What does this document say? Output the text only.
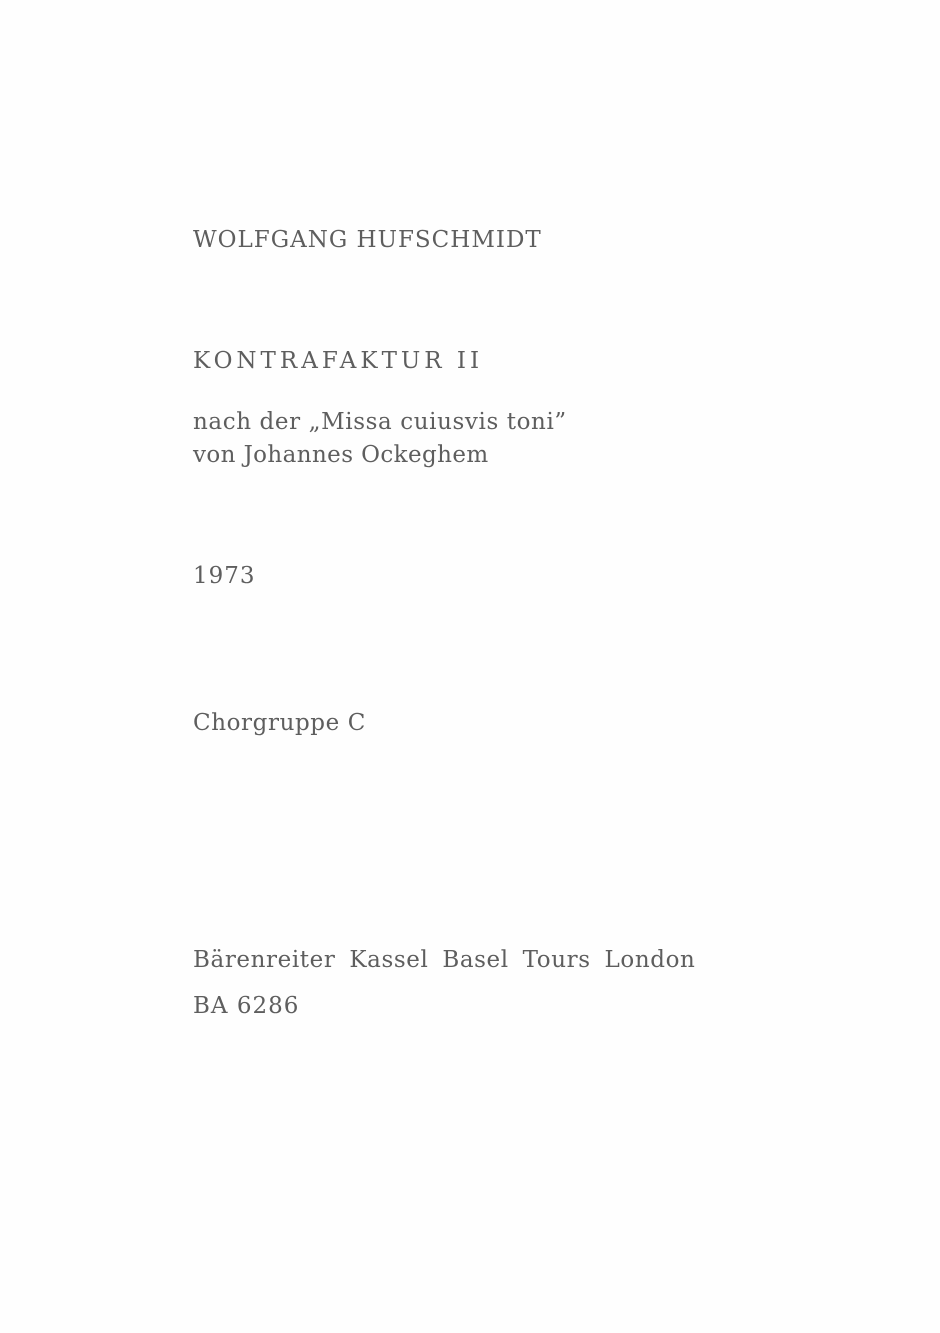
WOLFGANG HUFSCHMIDT

KONTRAFAKTUR II

nach der „Missa cuiusvis toni”

von Johannes Ockeghem

1973

Chorgruppe C

Bärenreiter Kassel Basel Tours London

BA 6286
